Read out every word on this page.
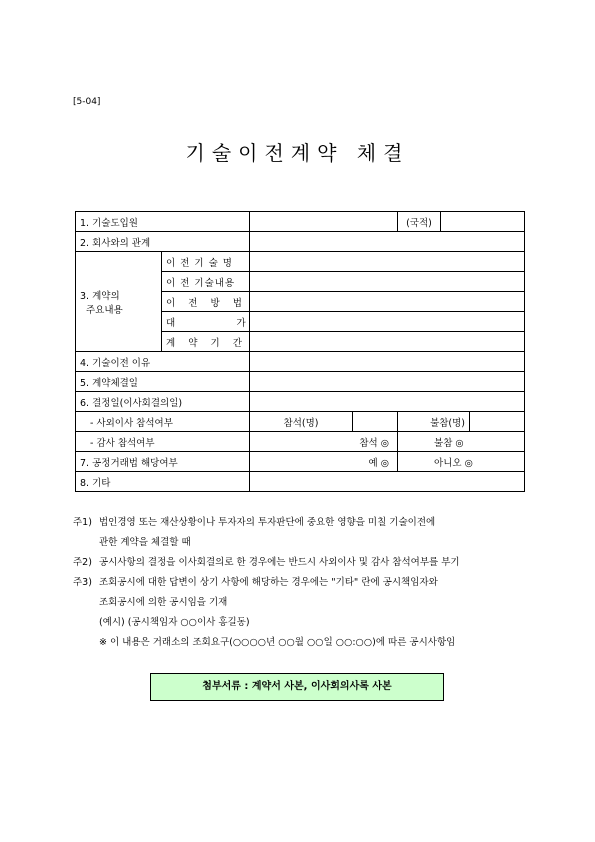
[5-04]
기술이전계약 체결
1. 기술도입원				(국적)		
2. 회사와의 관계						

3. 계약의
주요내용	이 전 기 술 명					
	이 전 기술내용					
	이   전   방   법					
	대               가					
	계   약   기   간					
4. 기술이전 이유						
5. 계약체결일						
6. 결정일(이사회결의일)						
- 사외이사 참석여부		참석(명)		불참(명)		
- 감사 참석여부		참석 ◎		불참 ◎		
7. 공정거래법 해당여부		예 ◎		아니오 ◎		
8. 기타						
주1) 법인경영 또는 재산상황이나 투자자의 투자판단에 중요한 영향을 미칠 기술이전에
관한 계약을 체결할 때
주2) 공시사항의 결정을 이사회결의로 한 경우에는 반드시 사외이사 및 감사 참석여부를 부기
주3) 조회공시에 대한 답변이 상기 사항에 해당하는 경우에는 "기타" 란에 공시책임자와
조회공시에 의한 공시임을 기재
(예시) (공시책임자 ○○이사 홍길동)
※ 이 내용은 거래소의 조회요구(○○○○년 ○○월 ○○일 ○○:○○)에 따른 공시사항임
첨부서류 : 계약서 사본, 이사회의사록 사본
